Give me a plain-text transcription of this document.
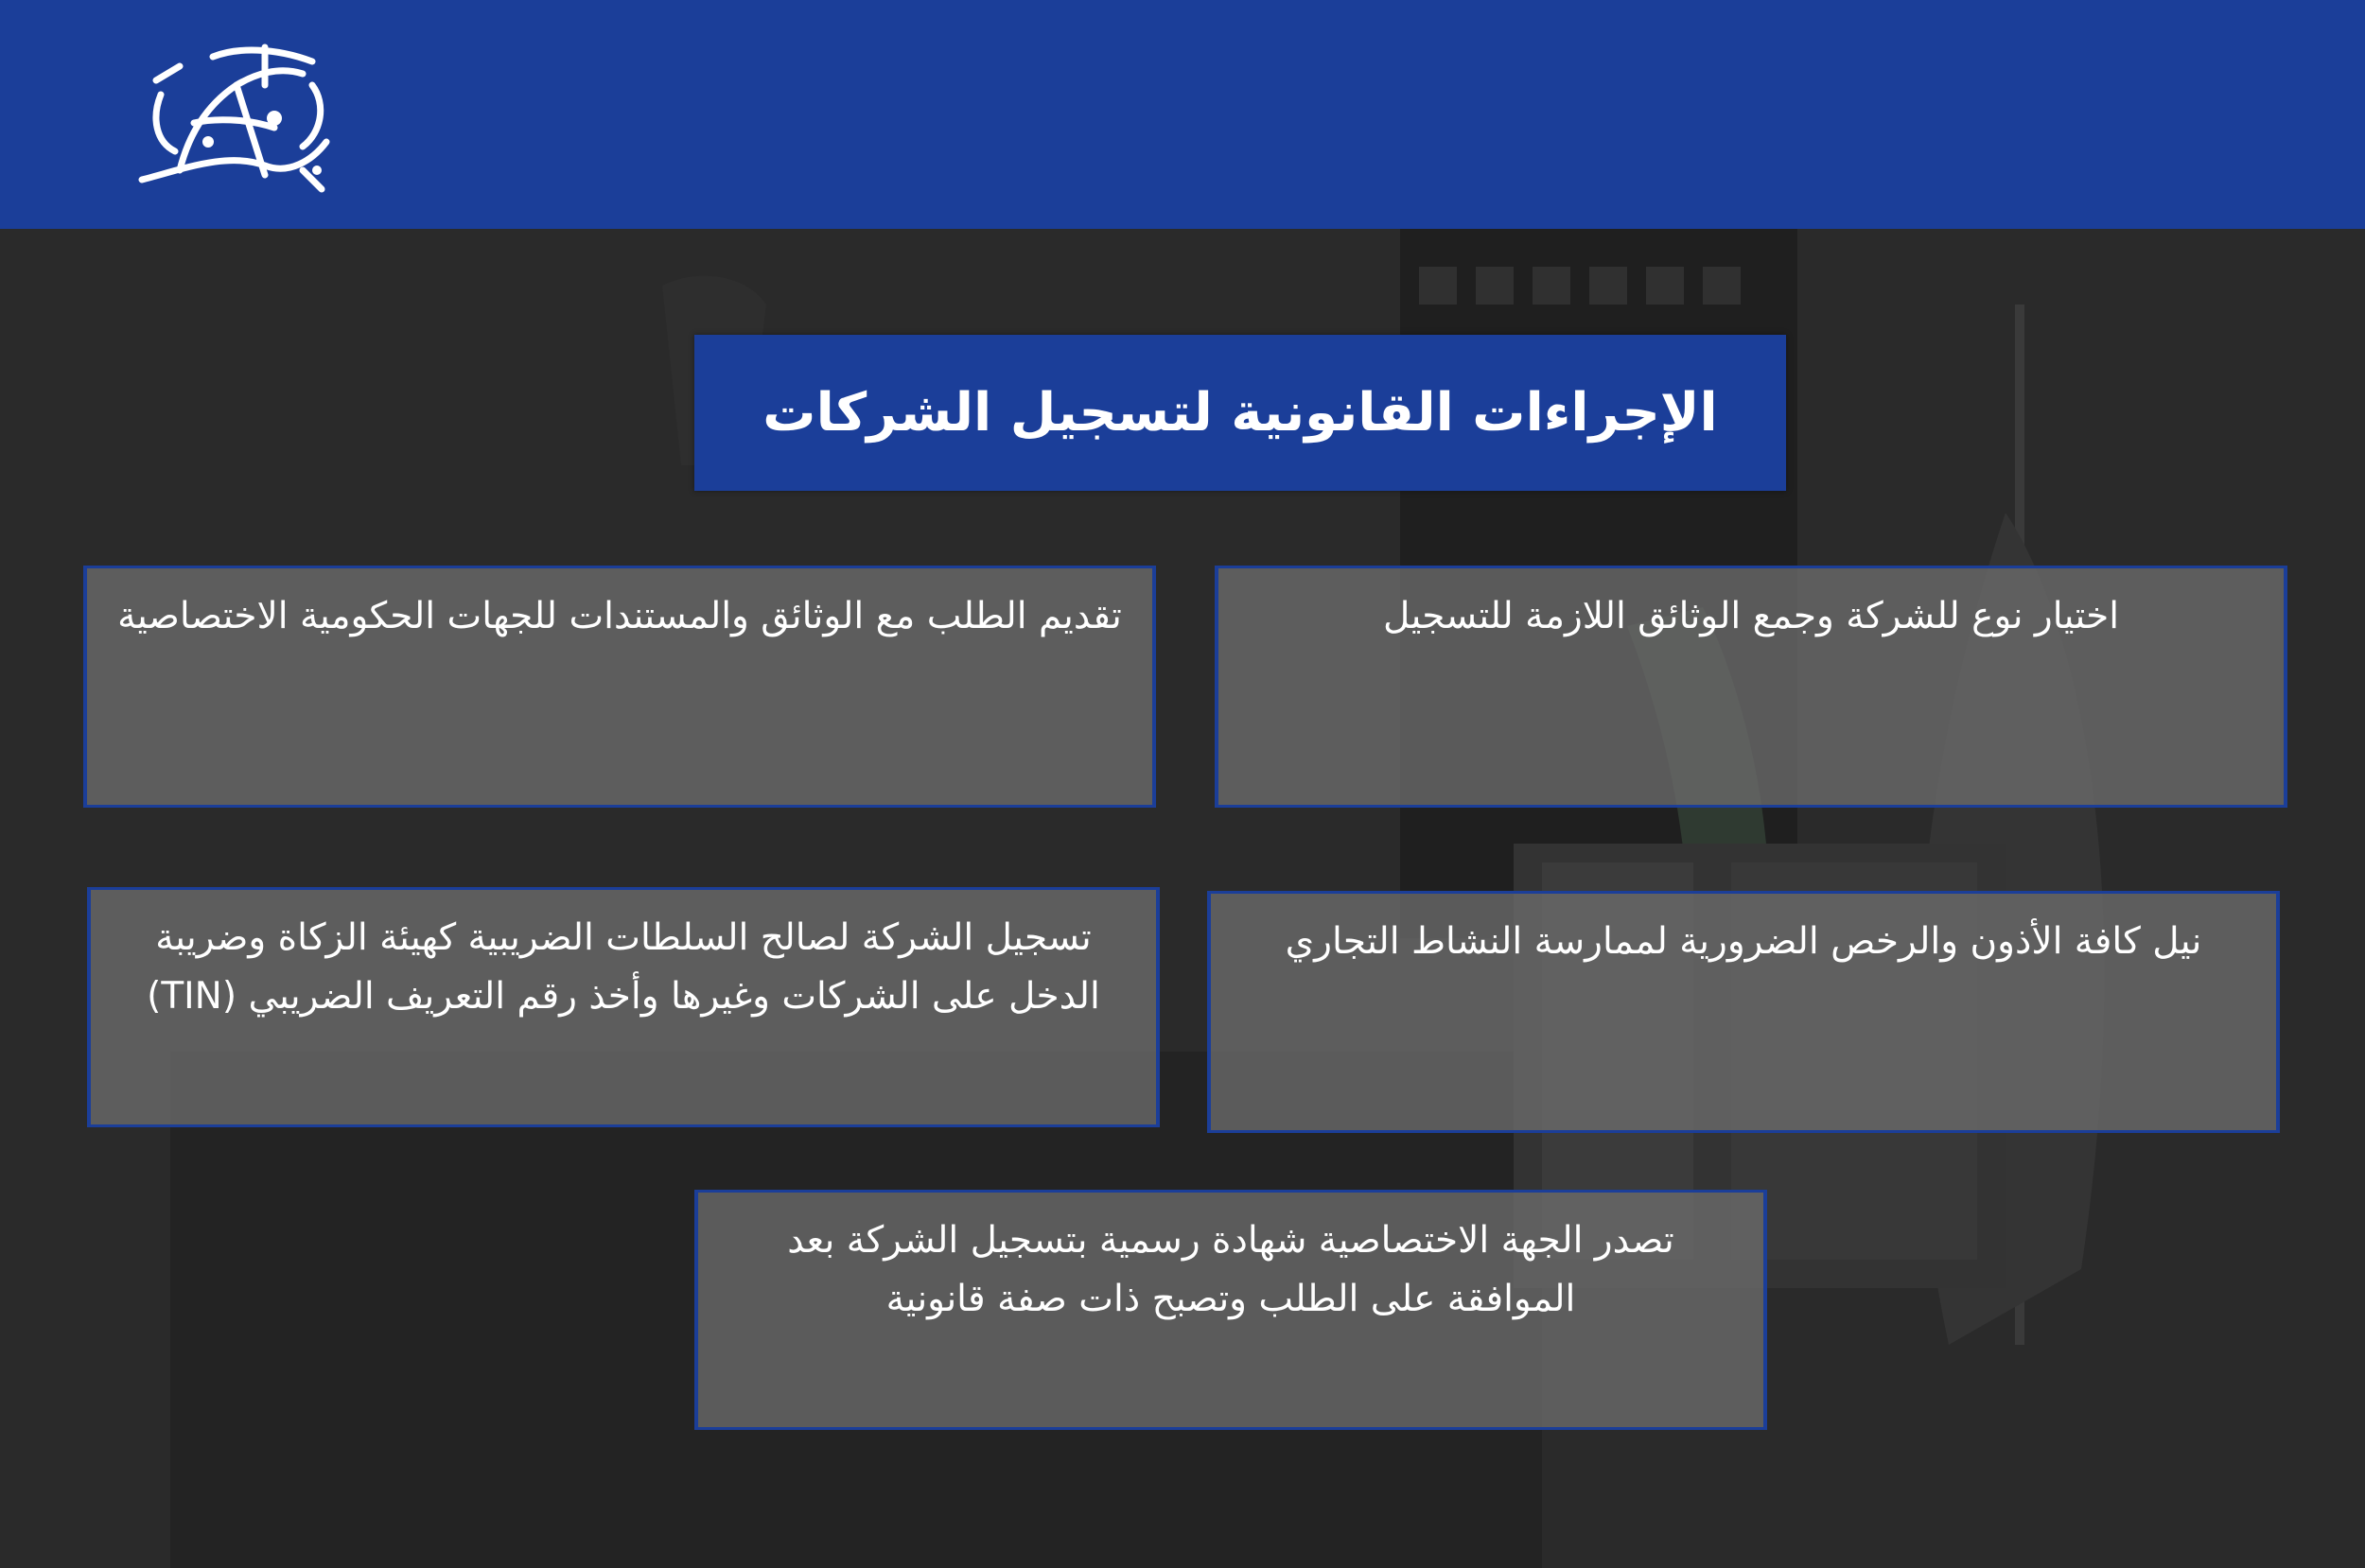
الإجراءات القانونية لتسجيل الشركات
اختيار نوع للشركة وجمع الوثائق اللازمة للتسجيل
تقديم الطلب مع الوثائق والمستندات للجهات الحكومية الاختصاصية
نيل كافة الأذون والرخص الضرورية لممارسة النشاط التجاري
تسجيل الشركة لصالح السلطات الضريبية كهيئة الزكاة وضريبة الدخل على الشركات وغيرها وأخذ رقم التعريف الضريبي (TIN)
تصدر الجهة الاختصاصية شهادة رسمية بتسجيل الشركة بعد الموافقة على الطلب وتصبح ذات صفة قانونية
